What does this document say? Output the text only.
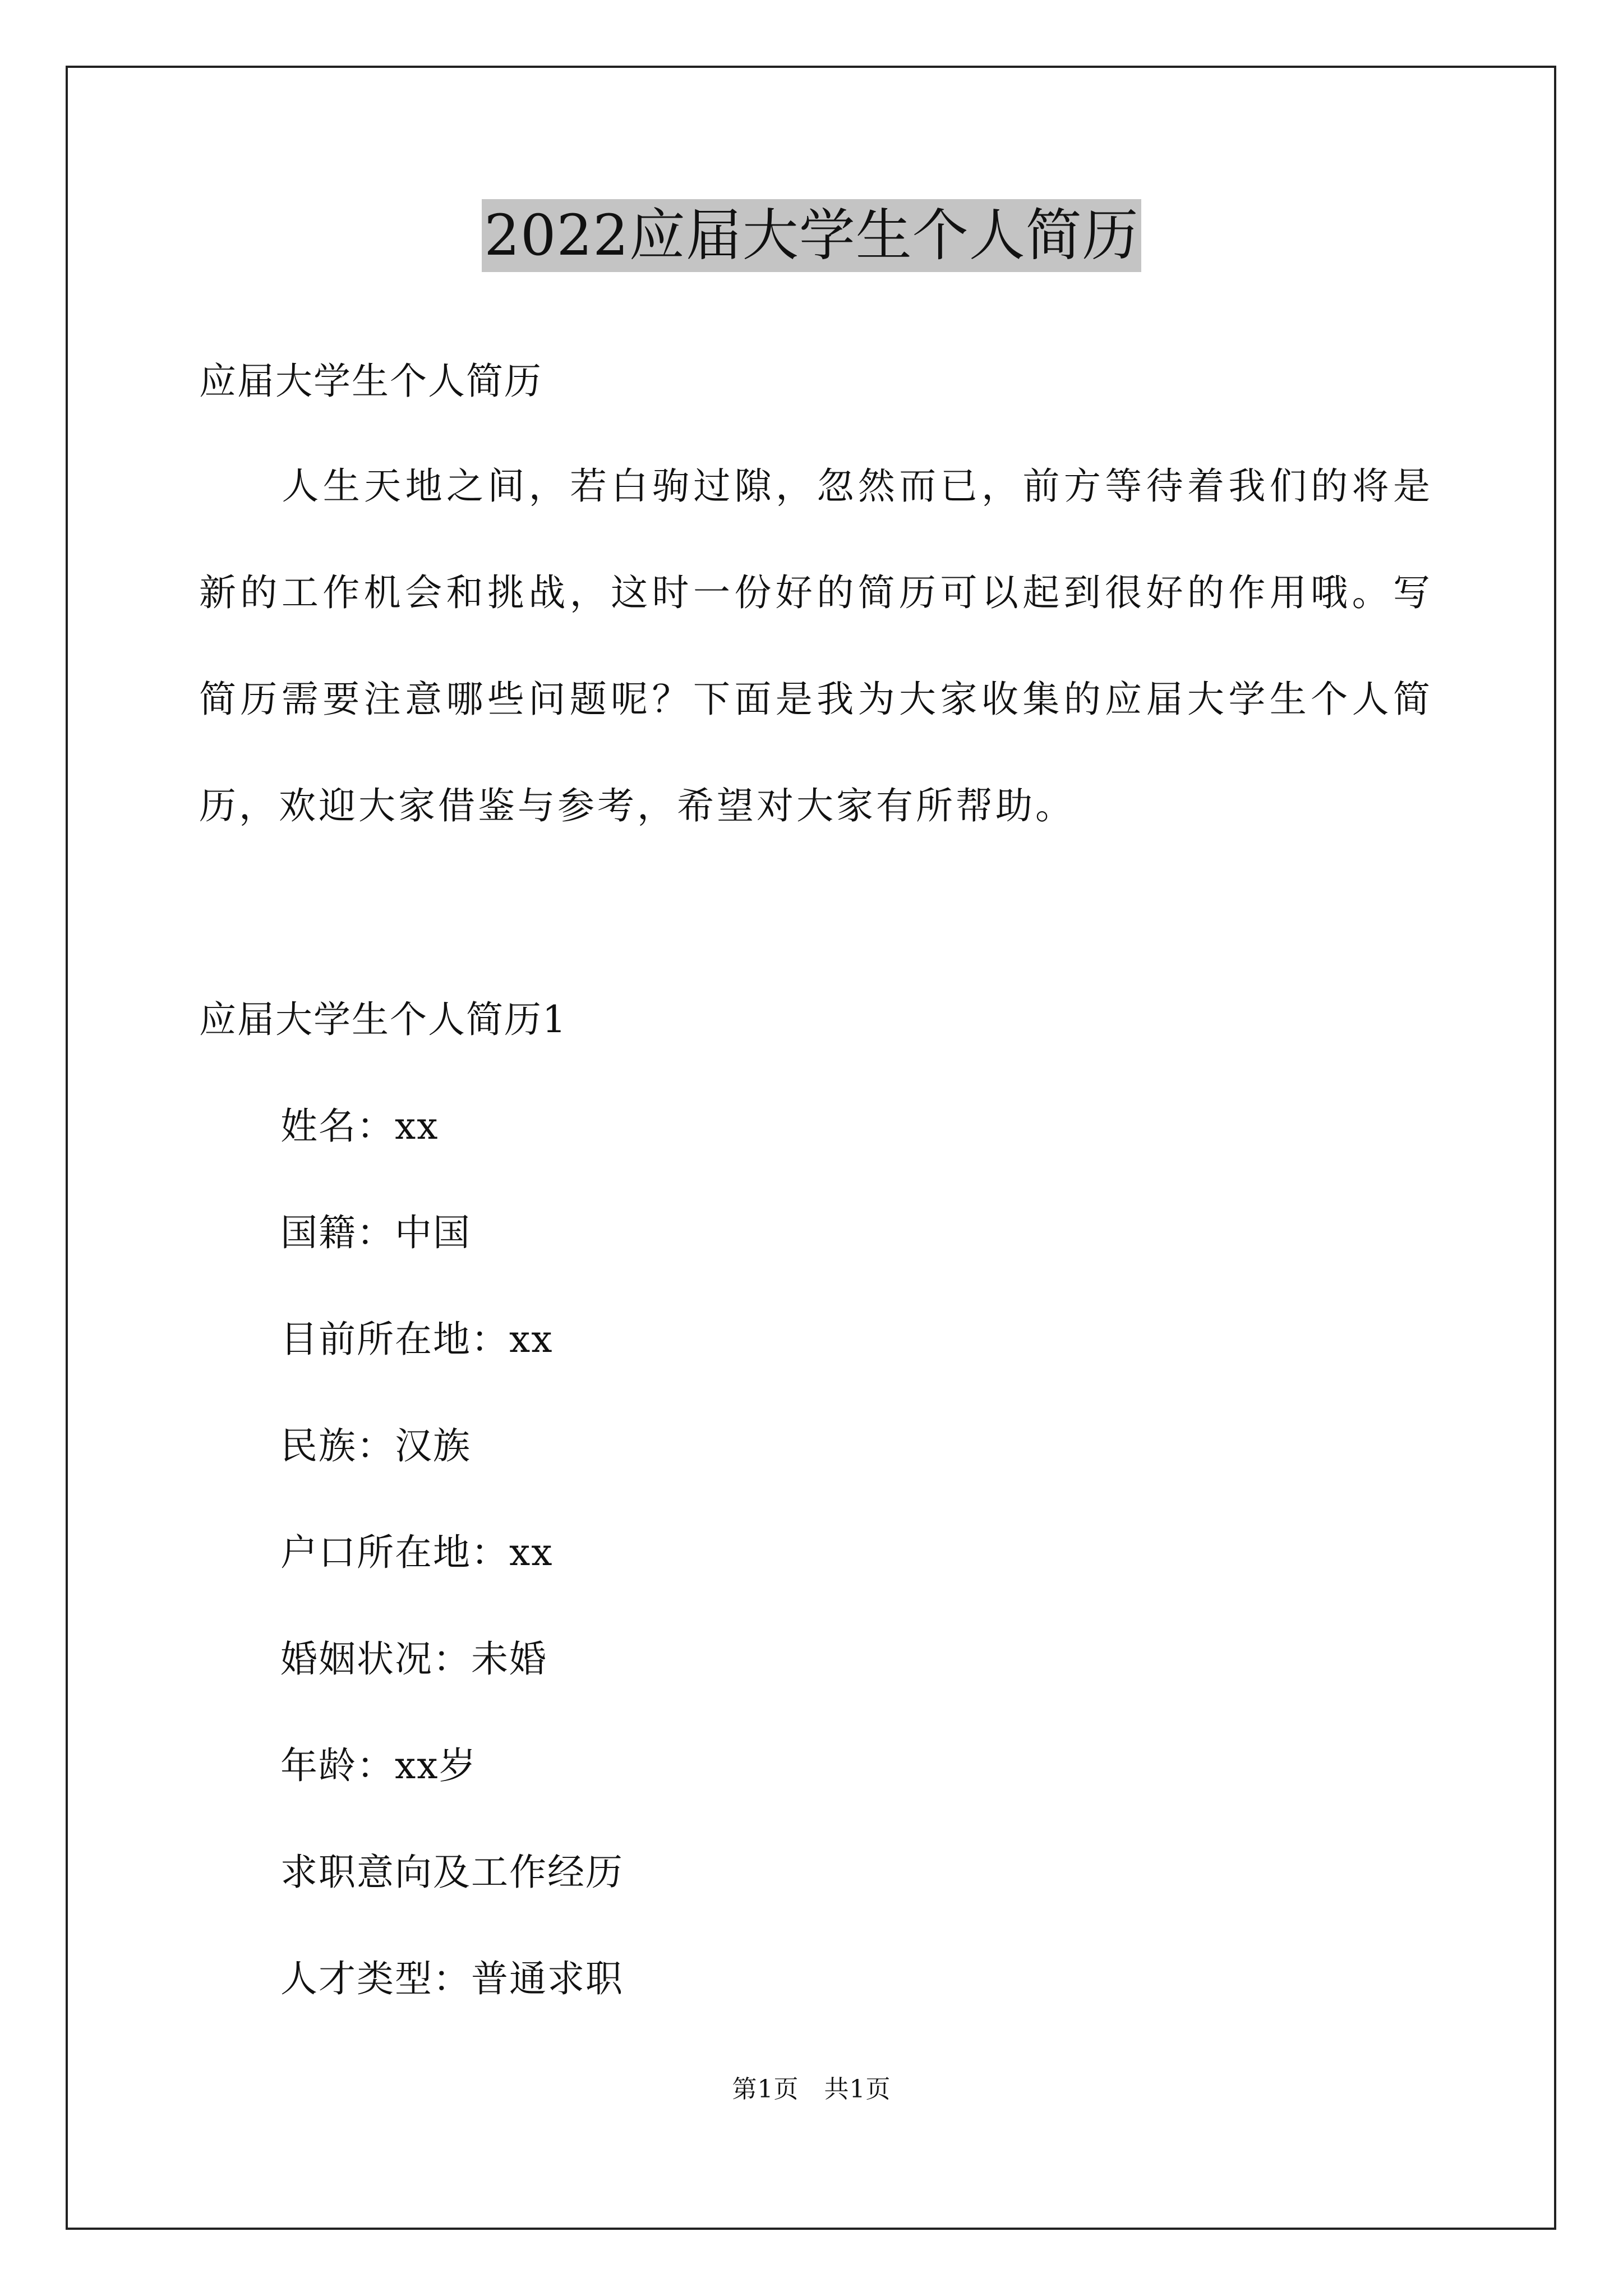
2022应届大学生个人简历
应届大学生个人简历
人生天地之间，若白驹过隙，忽然而已，前方等待着我们的将是新的工作机会和挑战，这时一份好的简历可以起到很好的作用哦。写简历需要注意哪些问题呢？下面是我为大家收集的应届大学生个人简历，欢迎大家借鉴与参考，希望对大家有所帮助。
应届大学生个人简历1
姓名：xx
国籍：中国
目前所在地：xx
民族：汉族
户口所在地：xx
婚姻状况：未婚
年龄：xx岁
求职意向及工作经历
人才类型：普通求职
第1页　共1页
